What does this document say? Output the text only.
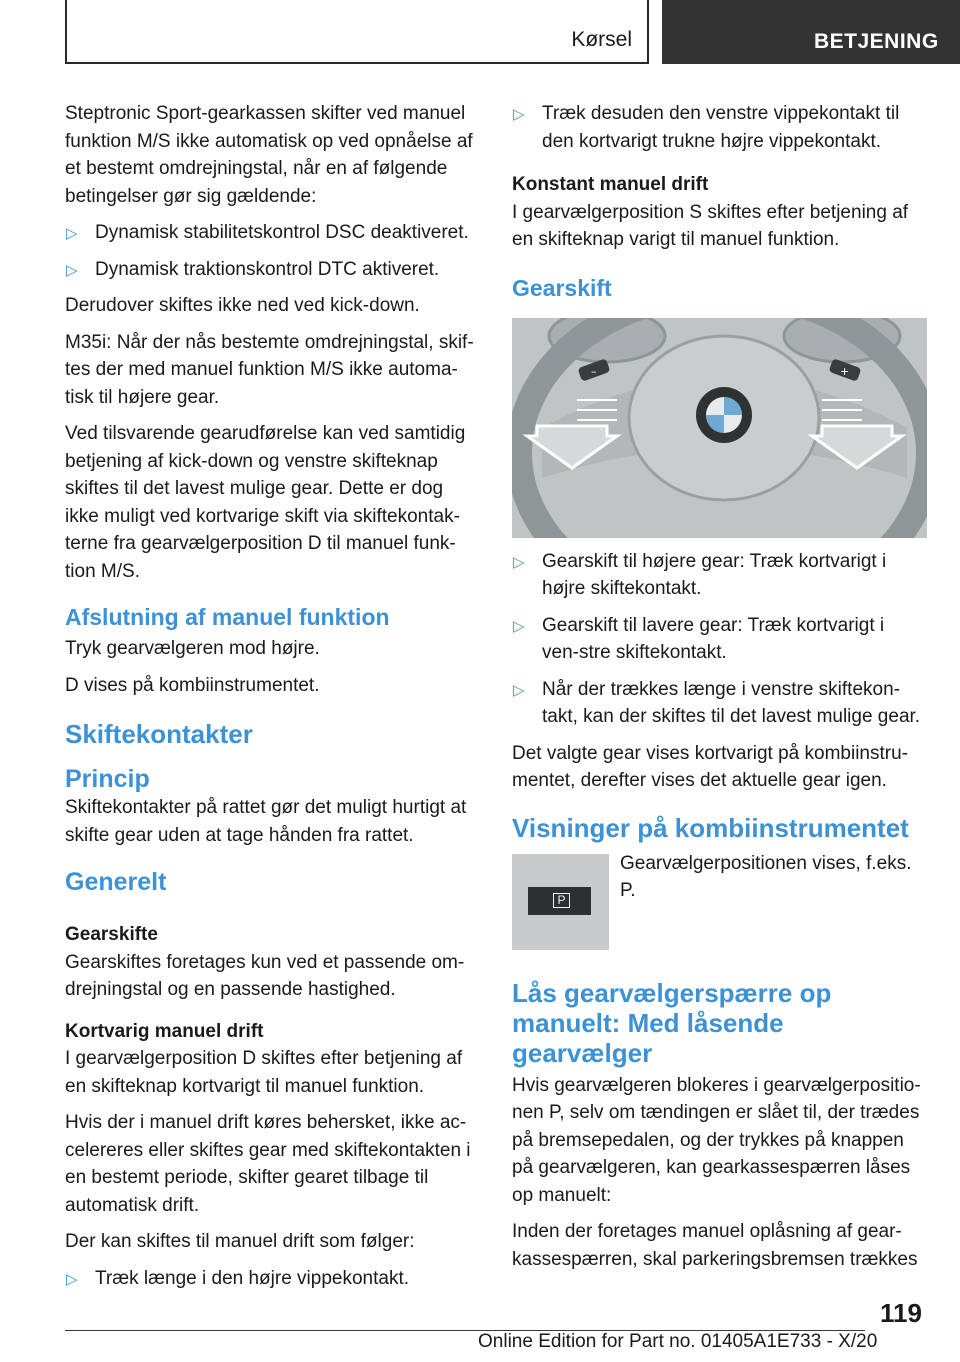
Kørsel	BETJENING

Steptronic Sport-gearkassen skifter ved manuel funktion M/S ikke automatisk op ved opnåelse af et bestemt omdrejningstal, når en af følgende betingelser gør sig gældende:

▷ Dynamisk stabilitetskontrol DSC deaktiveret.
▷ Dynamisk traktionskontrol DTC aktiveret.

Derudover skiftes ikke ned ved kick-down.

M35i: Når der nås bestemte omdrejningstal, skif-tes der med manuel funktion M/S ikke automa-tisk til højere gear.

Ved tilsvarende gearudførelse kan ved samtidig betjening af kick-down og venstre skifteknap skiftes til det lavest mulige gear. Dette er dog ikke muligt ved kortvarige skift via skiftekontak-terne fra gearvælgerposition D til manuel funk-tion M/S.

Afslutning af manuel funktion

Tryk gearvælgeren mod højre.

D vises på kombiinstrumentet.

Skiftekontakter
Princip

Skiftekontakter på rattet gør det muligt hurtigt at skifte gear uden at tage hånden fra rattet.

Generelt
Gearskifte

Gearskiftes foretages kun ved et passende om-drejningstal og en passende hastighed.

Kortvarig manuel drift

I gearvælgerposition D skiftes efter betjening af en skifteknap kortvarigt til manuel funktion.

Hvis der i manuel drift køres behersket, ikke ac-celereres eller skiftes gear med skiftekontakten i en bestemt periode, skifter gearet tilbage til automatisk drift.

Der kan skiftes til manuel drift som følger:

▷ Træk længe i den højre vippekontakt.
▷ Træk desuden den venstre vippekontakt til den kortvarigt trukne højre vippekontakt.
Konstant manuel drift

I gearvælgerposition S skiftes efter betjening af en skifteknap varigt til manuel funktion.

Gearskift
–	+
▷ Gearskift til højere gear: Træk kortvarigt i højre skiftekontakt.
▷ Gearskift til lavere gear: Træk kortvarigt i ven-stre skiftekontakt.
▷ Når der trækkes længe i venstre skiftekon-takt, kan der skiftes til det lavest mulige gear.

Det valgte gear vises kortvarigt på kombiinstru-mentet, derefter vises det aktuelle gear igen.

Visninger på kombiinstrumentet
P
Gearvælgerpositionen vises, f.eks. P.
Lås gearvælgerspærre op manuelt: Med låsende gearvælger

Hvis gearvælgeren blokeres i gearvælgerpositio-nen P, selv om tændingen er slået til, der trædes på bremsepedalen, og der trykkes på knappen på gearvælgeren, kan gearkassespærren låses op manuelt:

Inden der foretages manuel oplåsning af gear-kassespærren, skal parkeringsbremsen trækkes

119
Online Edition for Part no. 01405A1E733 - X/20
